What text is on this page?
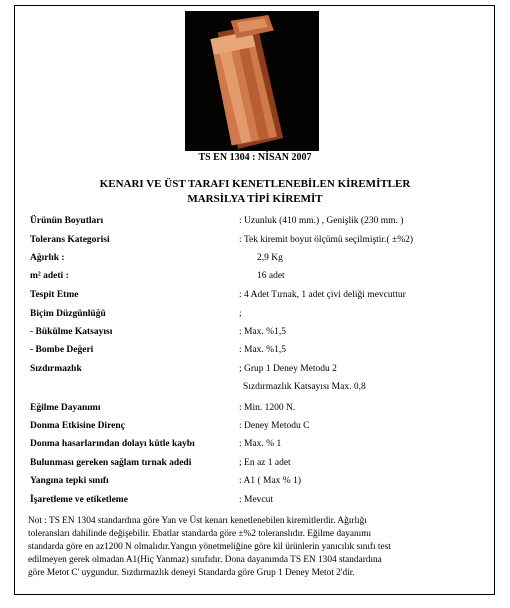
TS EN 1304 : NİSAN 2007
KENARI VE ÜST TARAFI KENETLENEBİLEN KİREMİTLER
MARSİLYA TİPİ KİREMİT
Ürünün Boyutları	: Uzunluk (410 mm.) , Genişlik (230 mm. )
Tolerans Kategorisi	: Tek kiremit boyut ölçümü seçilmiştir.( ±%2)
Ağırlık :	2,9 Kg
m² adeti :	16 adet
Tespit Etme	: 4 Adet Tırnak, 1 adet çivi deliği mevcuttur
Biçim Düzgünlüğü	;
- Bükülme Katsayısı	: Max. %1,5
- Bombe Değeri	: Max. %1,5
Sızdırmazlık	; Grup 1 Deney Metodu 2
Sızdırmazlık Katsayısı Max. 0,8
Eğilme Dayanımı	: Min. 1200 N.
Donma Etkisine Direnç	: Deney Metodu C
Donma hasarlarından dolayı kütle kaybı	: Max. % 1
Bulunması gereken sağlam tırnak adedi	; En az 1 adet
Yangına tepki sınıfı	: A1 ( Max % 1)
İşaretleme ve etiketleme	: Mevcut
Not : TS EN 1304 standardına göre Yan ve Üst kenarı kenetlenebilen kiremitlerdir. Ağırlığı
toleransları dahilinde değişebilir. Ebatlar standarda göre ±%2 toleranslıdır. Eğilme dayanımı
standarda göre en az1200 N olmalıdır.Yangın yönetmeliğine göre kil ürünlerin yanıcılık sınıfı test
edilmeyen gerek olmadan A1(Hiç Yanmaz) sınıfıdır. Dona dayanımda TS EN 1304 standardına
göre Metot C' uygundur. Sızdırmazlık deneyi Standarda göre Grup 1 Deney Metot 2'dir.
